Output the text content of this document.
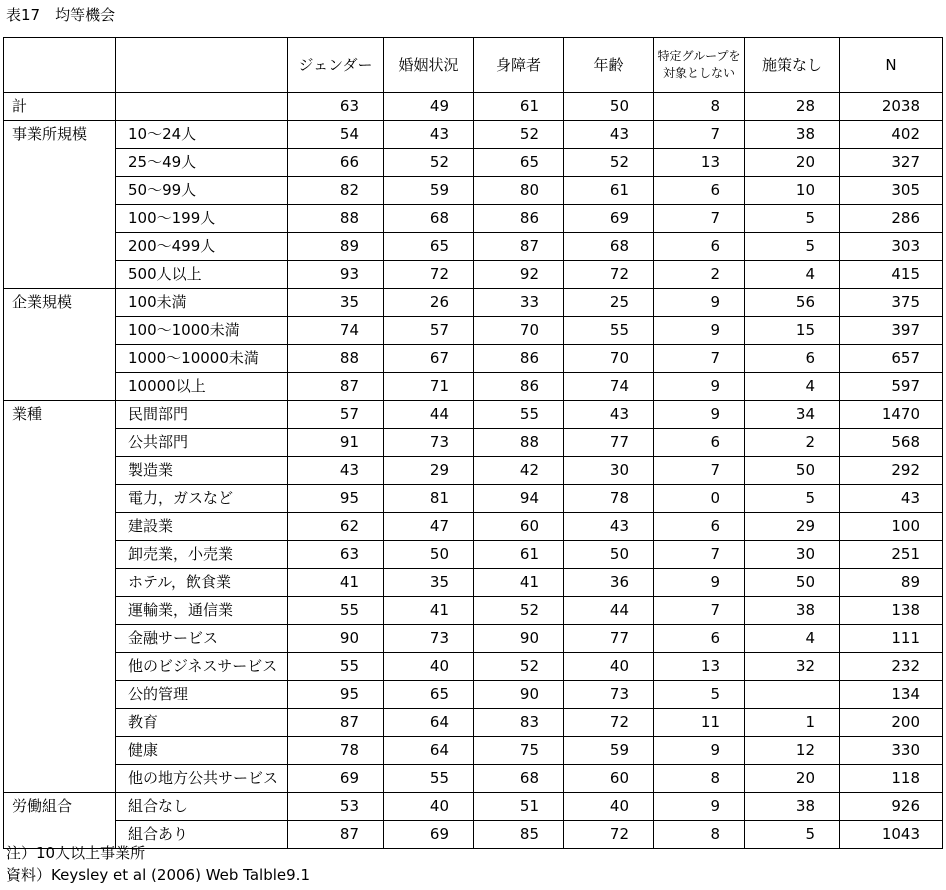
表17　均等機会
		ジェンダー	婚姻状況	身障者	年齢	特定グループを
対象としない	施策なし	N
計		63	49	61	50	8	28	2038
事業所規模	10～24人	54	43	52	43	7	38	402
	25～49人	66	52	65	52	13	20	327
	50～99人	82	59	80	61	6	10	305
	100～199人	88	68	86	69	7	5	286
	200～499人	89	65	87	68	6	5	303
	500人以上	93	72	92	72	2	4	415
企業規模	100未満	35	26	33	25	9	56	375
	100～1000未満	74	57	70	55	9	15	397
	1000～10000未満	88	67	86	70	7	6	657
	10000以上	87	71	86	74	9	4	597
業種	民間部門	57	44	55	43	9	34	1470
	公共部門	91	73	88	77	6	2	568
	製造業	43	29	42	30	7	50	292
	電力，ガスなど	95	81	94	78	0	5	43
	建設業	62	47	60	43	6	29	100
	卸売業，小売業	63	50	61	50	7	30	251
	ホテル，飲食業	41	35	41	36	9	50	89
	運輸業，通信業	55	41	52	44	7	38	138
	金融サービス	90	73	90	77	6	4	111
	他のビジネスサービス	55	40	52	40	13	32	232
	公的管理	95	65	90	73	5		134
	教育	87	64	83	72	11	1	200
	健康	78	64	75	59	9	12	330
	他の地方公共サービス	69	55	68	60	8	20	118
労働組合	組合なし	53	40	51	40	9	38	926
	組合あり	87	69	85	72	8	5	1043
注）10人以上事業所
資料）Keysley et al (2006) Web Talble9.1
